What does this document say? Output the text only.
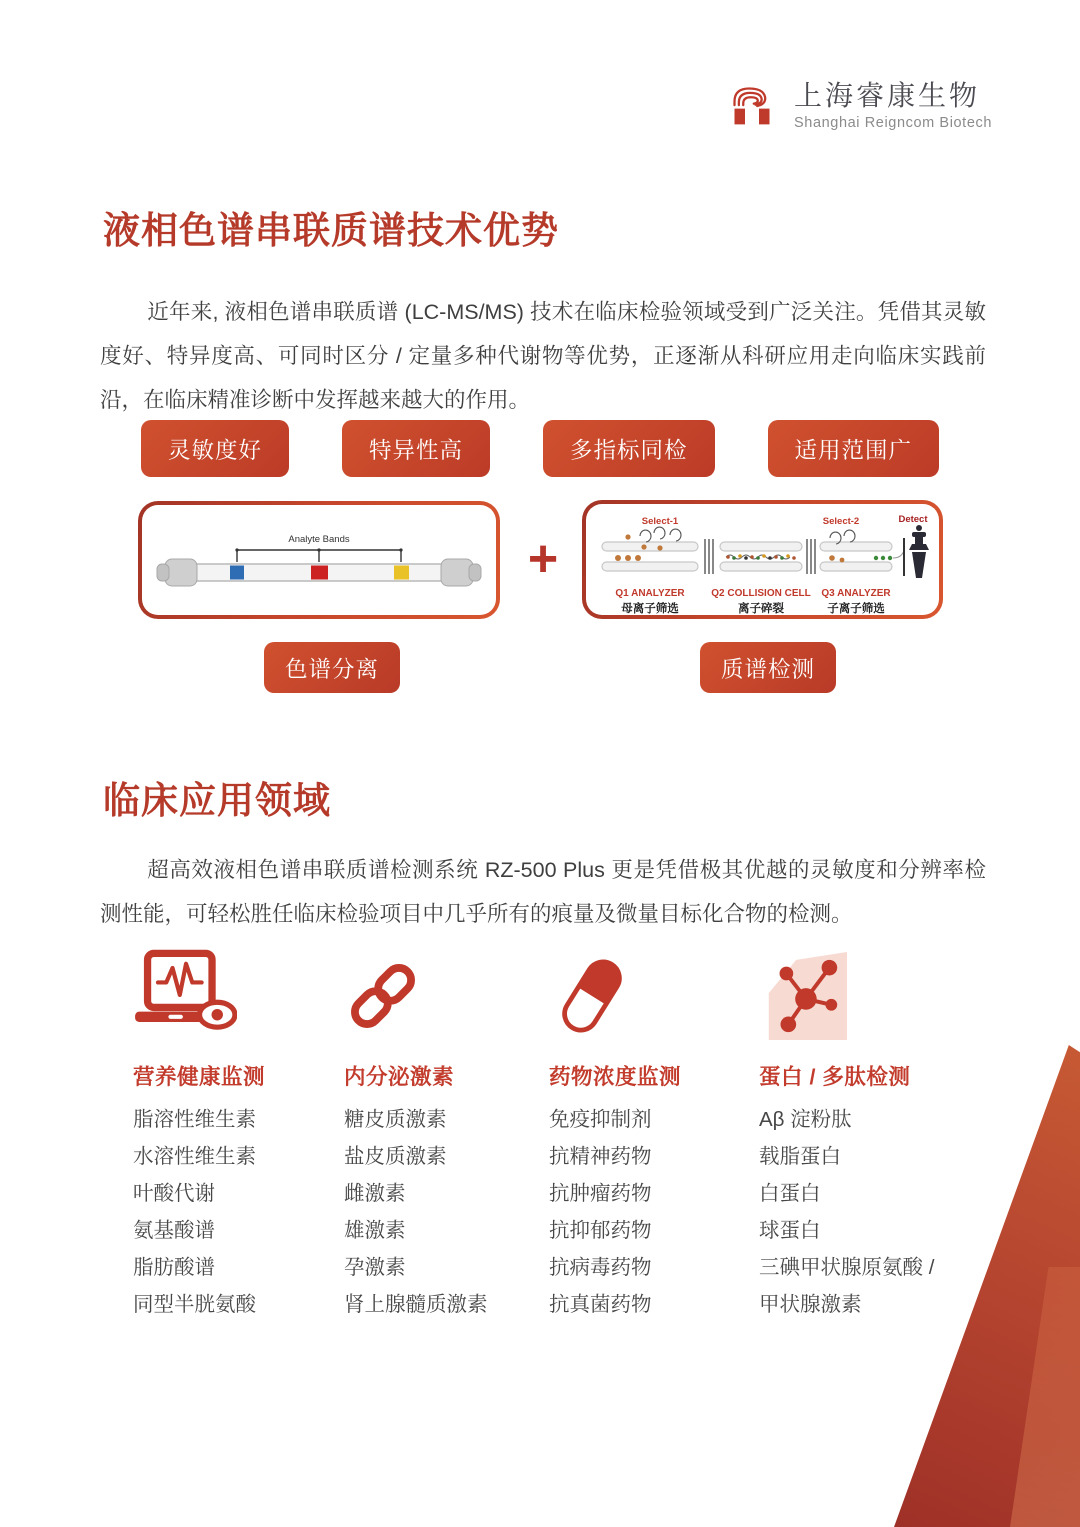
上海睿康生物
Shanghai Reigncom Biotech
液相色谱串联质谱技术优势

近年来, 液相色谱串联质谱 (LC-MS/MS) 技术在临床检验领域受到广泛关注。凭借其灵敏度好、特异度高、可同时区分 / 定量多种代谢物等优势，正逐渐从科研应用走向临床实践前沿，在临床精准诊断中发挥越来越大的作用。

灵敏度好	特异性高	多指标同检	适用范围广
Analyte Bands	+
Select-1	Select-2	Detect
Q1 ANALYZER
母离子筛选
Q2 COLLISION CELL
离子碎裂
Q3 ANALYZER
子离子筛选
色谱分离	质谱检测
临床应用领域

超高效液相色谱串联质谱检测系统 RZ-500 Plus 更是凭借极其优越的灵敏度和分辨率检测性能，可轻松胜任临床检验项目中几乎所有的痕量及微量目标化合物的检测。

营养健康监测
脂溶性维生素
水溶性维生素
叶酸代谢
氨基酸谱
脂肪酸谱
同型半胱氨酸
内分泌激素
糖皮质激素
盐皮质激素
雌激素
雄激素
孕激素
肾上腺髓质激素
药物浓度监测
免疫抑制剂
抗精神药物
抗肿瘤药物
抗抑郁药物
抗病毒药物
抗真菌药物
蛋白 / 多肽检测
Aβ 淀粉肽
载脂蛋白
白蛋白
球蛋白
三碘甲状腺原氨酸 /
甲状腺激素
